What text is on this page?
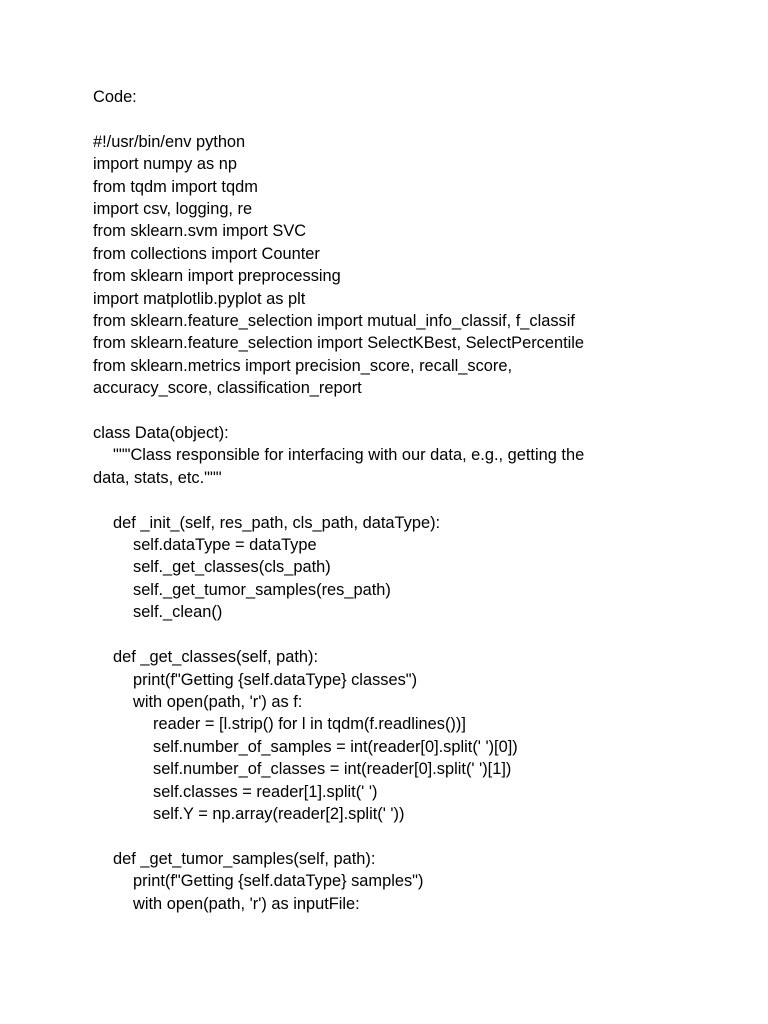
Code:
#!/usr/bin/env python
import numpy as np
from tqdm import tqdm
import csv, logging, re
from sklearn.svm import SVC
from collections import Counter
from sklearn import preprocessing
import matplotlib.pyplot as plt
from sklearn.feature_selection import mutual_info_classif, f_classif
from sklearn.feature_selection import SelectKBest, SelectPercentile
from sklearn.metrics import precision_score, recall_score,
accuracy_score, classification_report
class Data(object):
"""Class responsible for interfacing with our data, e.g., getting the
data, stats, etc."""
def _init_(self, res_path, cls_path, dataType):
self.dataType = dataType
self._get_classes(cls_path)
self._get_tumor_samples(res_path)
self._clean()
def _get_classes(self, path):
print(f"Getting {self.dataType} classes")
with open(path, 'r') as f:
reader = [l.strip() for l in tqdm(f.readlines())]
self.number_of_samples = int(reader[0].split(' ')[0])
self.number_of_classes = int(reader[0].split(' ')[1])
self.classes = reader[1].split(' ')
self.Y = np.array(reader[2].split(' '))
def _get_tumor_samples(self, path):
print(f"Getting {self.dataType} samples")
with open(path, 'r') as inputFile:
